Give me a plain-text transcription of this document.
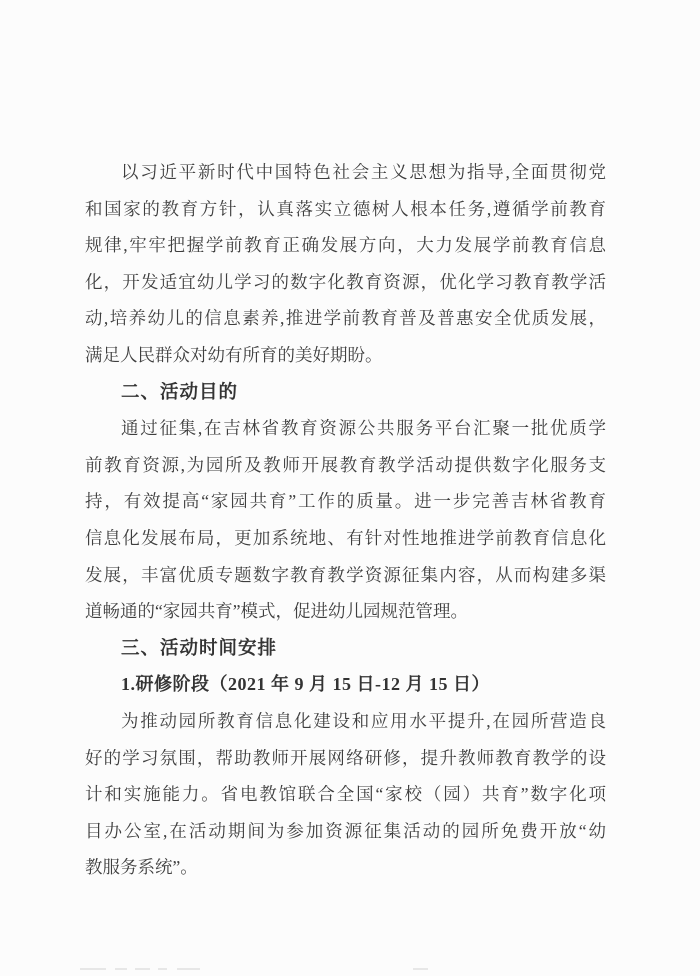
以习近平新时代中国特色社会主义思想为指导,全面贯彻党
和国家的教育方针，认真落实立德树人根本任务,遵循学前教育
规律,牢牢把握学前教育正确发展方向，大力发展学前教育信息
化，开发适宜幼儿学习的数字化教育资源，优化学习教育教学活
动,培养幼儿的信息素养,推进学前教育普及普惠安全优质发展，
满足人民群众对幼有所育的美好期盼。
二、活动目的
通过征集,在吉林省教育资源公共服务平台汇聚一批优质学
前教育资源,为园所及教师开展教育教学活动提供数字化服务支
持，有效提高“家园共育”工作的质量。进一步完善吉林省教育
信息化发展布局，更加系统地、有针对性地推进学前教育信息化
发展，丰富优质专题数字教育教学资源征集内容，从而构建多渠
道畅通的“家园共育”模式，促进幼儿园规范管理。
三、活动时间安排
1.研修阶段（2021 年 9 月 15 日-12 月 15 日）
为推动园所教育信息化建设和应用水平提升,在园所营造良
好的学习氛围，帮助教师开展网络研修，提升教师教育教学的设
计和实施能力。省电教馆联合全国“家校（园）共育”数字化项
目办公室,在活动期间为参加资源征集活动的园所免费开放“幼
教服务系统”。
